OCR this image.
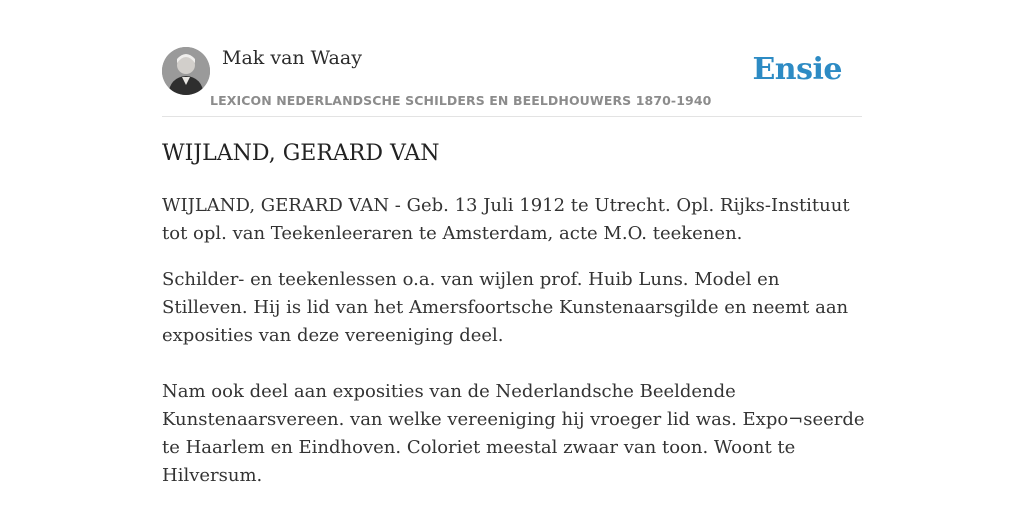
Mak van Waay
LEXICON NEDERLANDSCHE SCHILDERS EN BEELDHOUWERS 1870-1940
Ensie
WIJLAND, GERARD VAN

WIJLAND, GERARD VAN - Geb. 13 Juli 1912 te Utrecht. Opl. Rijks-Instituut tot opl. van Teekenleeraren te Amsterdam, acte M.O. teekenen.

Schilder- en teekenlessen o.a. van wijlen prof. Huib Luns. Model en Stilleven. Hij is lid van het Amersfoortsche Kunstenaarsgilde en neemt aan exposities van deze vereeniging deel.

Nam ook deel aan exposities van de Nederlandsche Beeldende Kunstenaarsvereen. van welke vereeniging hij vroeger lid was. Expo¬seerde te Haarlem en Eindhoven. Coloriet meestal zwaar van toon. Woont te Hilversum.
